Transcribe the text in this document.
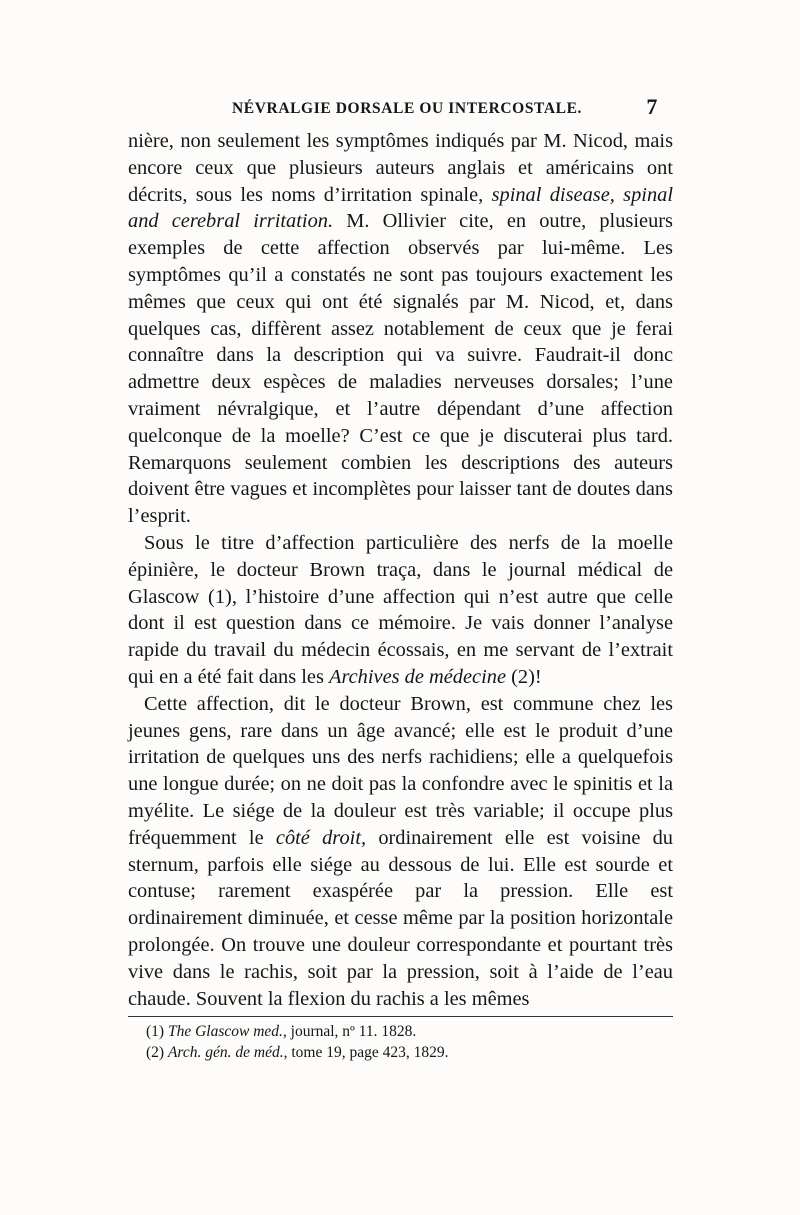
NÉVRALGIE DORSALE OU INTERCOSTALE.	7

nière, non seulement les symptômes indiqués par M. Nicod, mais encore ceux que plusieurs auteurs anglais et américains ont décrits, sous les noms d’irritation spinale, spinal disease, spinal and cerebral irritation. M. Ollivier cite, en outre, plusieurs exemples de cette affection observés par lui-même. Les symptômes qu’il a constatés ne sont pas toujours exactement les mêmes que ceux qui ont été signalés par M. Nicod, et, dans quelques cas, diffèrent assez notablement de ceux que je ferai connaître dans la description qui va suivre. Faudrait-il donc admettre deux espèces de maladies nerveuses dorsales; l’une vraiment névralgique, et l’autre dépendant d’une affection quelconque de la moelle? C’est ce que je discuterai plus tard. Remarquons seulement combien les descriptions des auteurs doivent être vagues et incomplètes pour laisser tant de doutes dans l’esprit.

Sous le titre d’affection particulière des nerfs de la moelle épinière, le docteur Brown traça, dans le journal médical de Glascow (1), l’histoire d’une affection qui n’est autre que celle dont il est question dans ce mémoire. Je vais donner l’analyse rapide du travail du médecin écossais, en me servant de l’extrait qui en a été fait dans les Archives de médecine (2)!

Cette affection, dit le docteur Brown, est commune chez les jeunes gens, rare dans un âge avancé; elle est le produit d’une irritation de quelques uns des nerfs rachidiens; elle a quelquefois une longue durée; on ne doit pas la confondre avec le spinitis et la myélite. Le siége de la douleur est très variable; il occupe plus fréquemment le côté droit, ordinairement elle est voisine du sternum, parfois elle siége au dessous de lui. Elle est sourde et contuse; rarement exaspérée par la pression. Elle est ordinairement diminuée, et cesse même par la position horizontale prolongée. On trouve une douleur correspondante et pourtant très vive dans le rachis, soit par la pression, soit à l’aide de l’eau chaude. Souvent la flexion du rachis a les mêmes

(1) The Glascow med., journal, nº 11. 1828.
(2) Arch. gén. de méd., tome 19, page 423, 1829.
